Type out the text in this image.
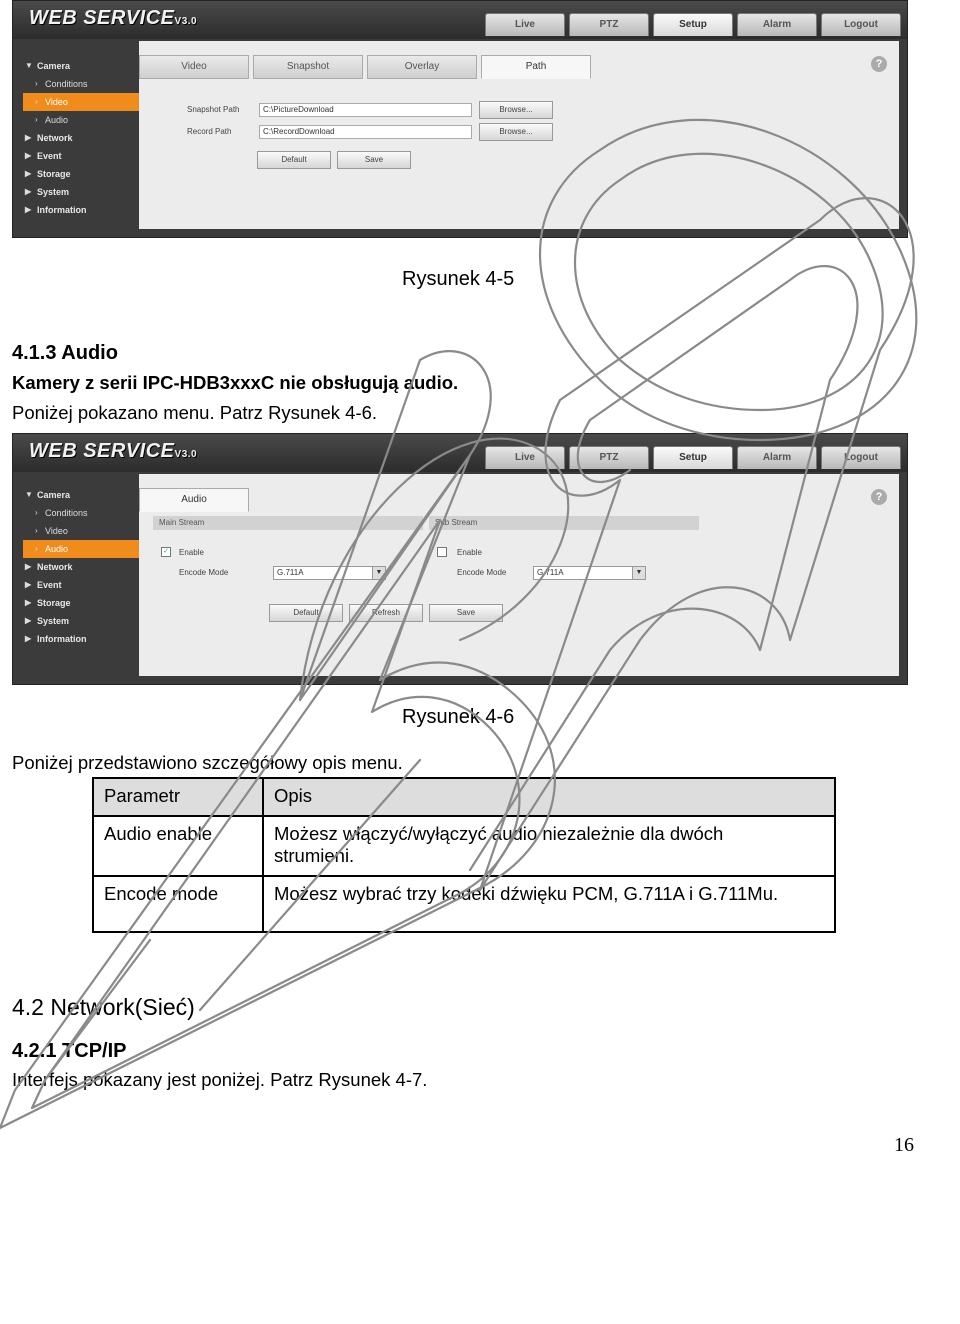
WEB SERVICEV3.0	Live	PTZ	Setup	Alarm	Logout
▼ Camera
› Conditions
› Video
› Audio
▶ Network
▶ Event
▶ Storage
▶ System
▶ Information
?
Video	Snapshot	Overlay	Path
Snapshot Path	C:\PictureDownload	Browse...
Record Path	C:\RecordDownload	Browse...
Default	Save
Rysunek 4-5
4.1.3 Audio
Kamery z serii IPC-HDB3xxxC nie obsługują audio.
Poniżej pokazano menu. Patrz Rysunek 4-6.
WEB SERVICEV3.0	Live	PTZ	Setup	Alarm	Logout
▼ Camera
› Conditions
› Video
› Audio
▶ Network
▶ Event
▶ Storage
▶ System
▶ Information
?
Audio
Main Stream	Sub Stream
✓ Enable
Encode Mode	G.711A	▼
Enable
Encode Mode	G.711A	▼
Default	Refresh	Save
Rysunek 4-6
Poniżej przedstawiono szczegółowy opis menu.
Parametr	Opis
Audio enable	Możesz włączyć/wyłączyć audio niezależnie dla dwóch strumieni.
Encode mode	Możesz wybrać trzy kodeki dźwięku PCM, G.711A i G.711Mu.
4.2 Network(Sieć)
4.2.1 TCP/IP
Interfejs pokazany jest poniżej. Patrz Rysunek 4-7.
16
